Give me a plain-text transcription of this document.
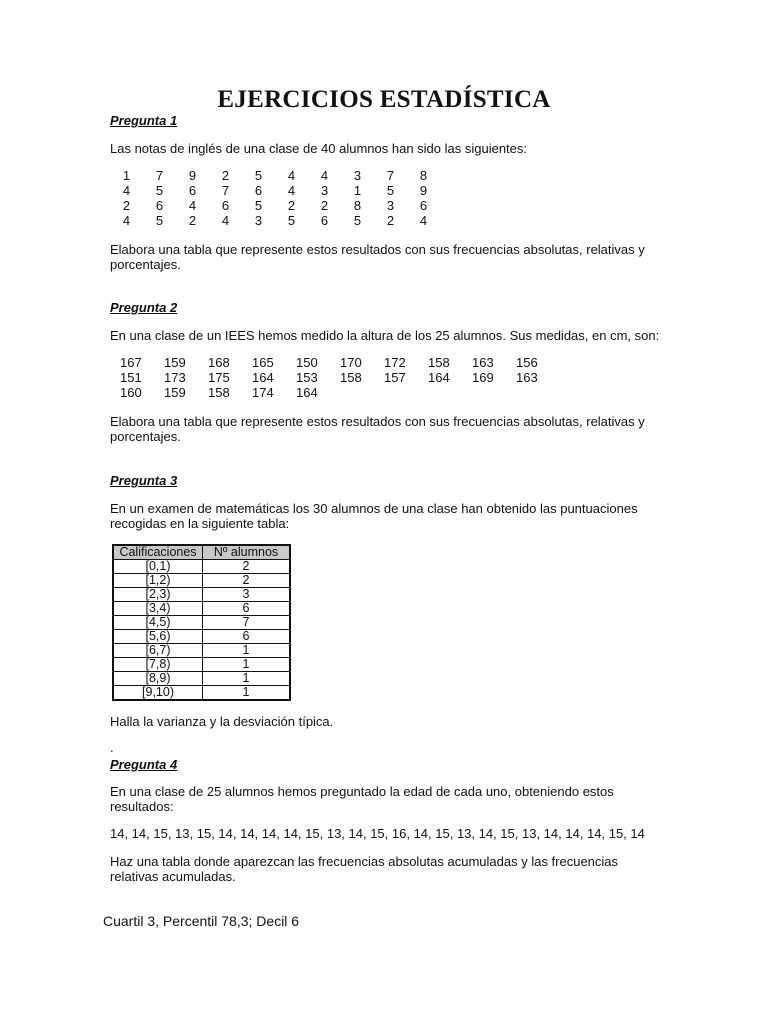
EJERCICIOS ESTADÍSTICA
Pregunta 1
Las notas de inglés de una clase de 40 alumnos han sido las siguientes:
1	7	9	2	5	4	4	3	7	8
4	5	6	7	6	4	3	1	5	9
2	6	4	6	5	2	2	8	3	6
4	5	2	4	3	5	6	5	2	4
Elabora una tabla que represente estos resultados con sus frecuencias absolutas, relativas y porcentajes.
Pregunta 2
En una clase de un IEES hemos medido la altura de los 25 alumnos. Sus medidas, en cm, son:
167	159	168	165	150	170	172	158	163	156
151	173	175	164	153	158	157	164	169	163
160	159	158	174	164					
Elabora una tabla que represente estos resultados con sus frecuencias absolutas, relativas y porcentajes.
Pregunta 3
En un examen de matemáticas los 30 alumnos de una clase han obtenido las puntuaciones recogidas en la siguiente tabla:
Calificaciones	Nº alumnos
[0,1)	2
[1,2)	2
[2,3)	3
[3,4)	6
[4,5)	7
[5,6)	6
[6,7)	1
[7,8)	1
[8,9)	1
[9,10)	1
Halla la varianza y la desviación típica.
.
Pregunta 4
En una clase de 25 alumnos hemos preguntado la edad de cada uno, obteniendo estos resultados:
14, 14, 15, 13, 15, 14, 14, 14, 14, 15, 13, 14, 15, 16, 14, 15, 13, 14, 15, 13, 14, 14, 14, 15, 14
Haz una tabla donde aparezcan las frecuencias absolutas acumuladas y las frecuencias relativas acumuladas.
Cuartil 3, Percentil 78,3; Decil 6
